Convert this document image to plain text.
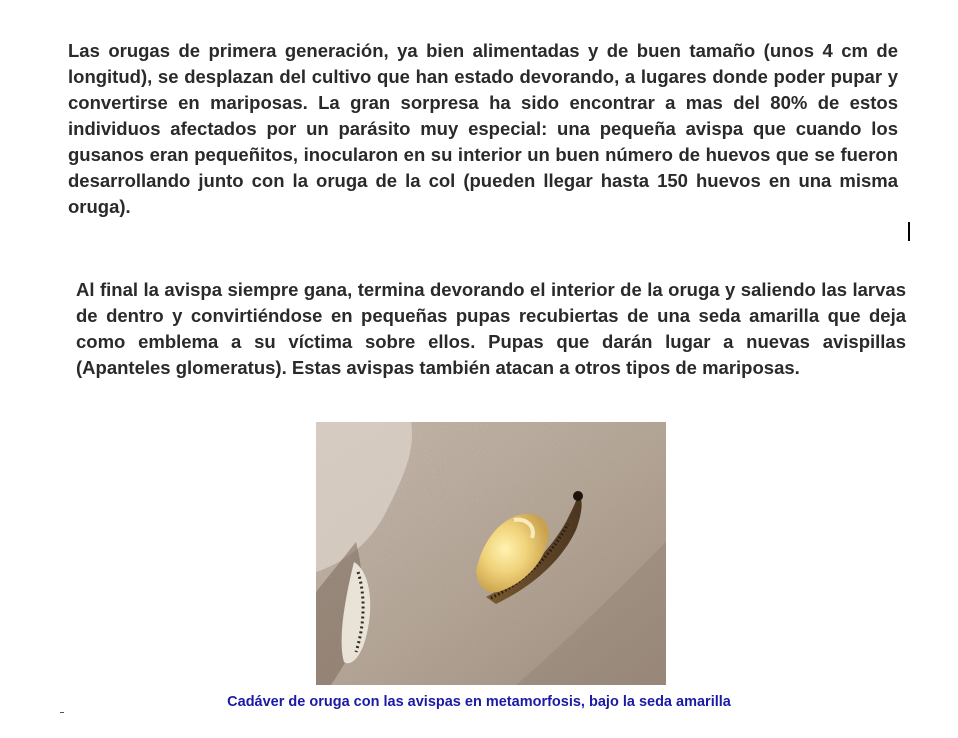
Las orugas de primera generación, ya bien alimentadas y de buen tamaño (unos 4 cm de longitud), se desplazan del cultivo que han estado devorando, a lugares donde poder pupar y convertirse en mariposas. La gran sorpresa ha sido encontrar a mas del 80% de estos individuos afectados por un parásito muy especial: una pequeña avispa que cuando los gusanos eran pequeñitos, inocularon en su interior un buen número de huevos que se fueron desarrollando junto con la oruga de la col (pueden llegar hasta 150 huevos en una misma oruga).

Al final la avispa siempre gana, termina devorando el interior de la oruga y saliendo las larvas de dentro y convirtiéndose en pequeñas pupas recubiertas de una seda amarilla que deja como emblema a su víctima sobre ellos. Pupas que darán lugar a nuevas avispillas (Apanteles glomeratus). Estas avispas también atacan a otros tipos de mariposas.

Cadáver de oruga con las avispas en metamorfosis, bajo la seda amarilla
